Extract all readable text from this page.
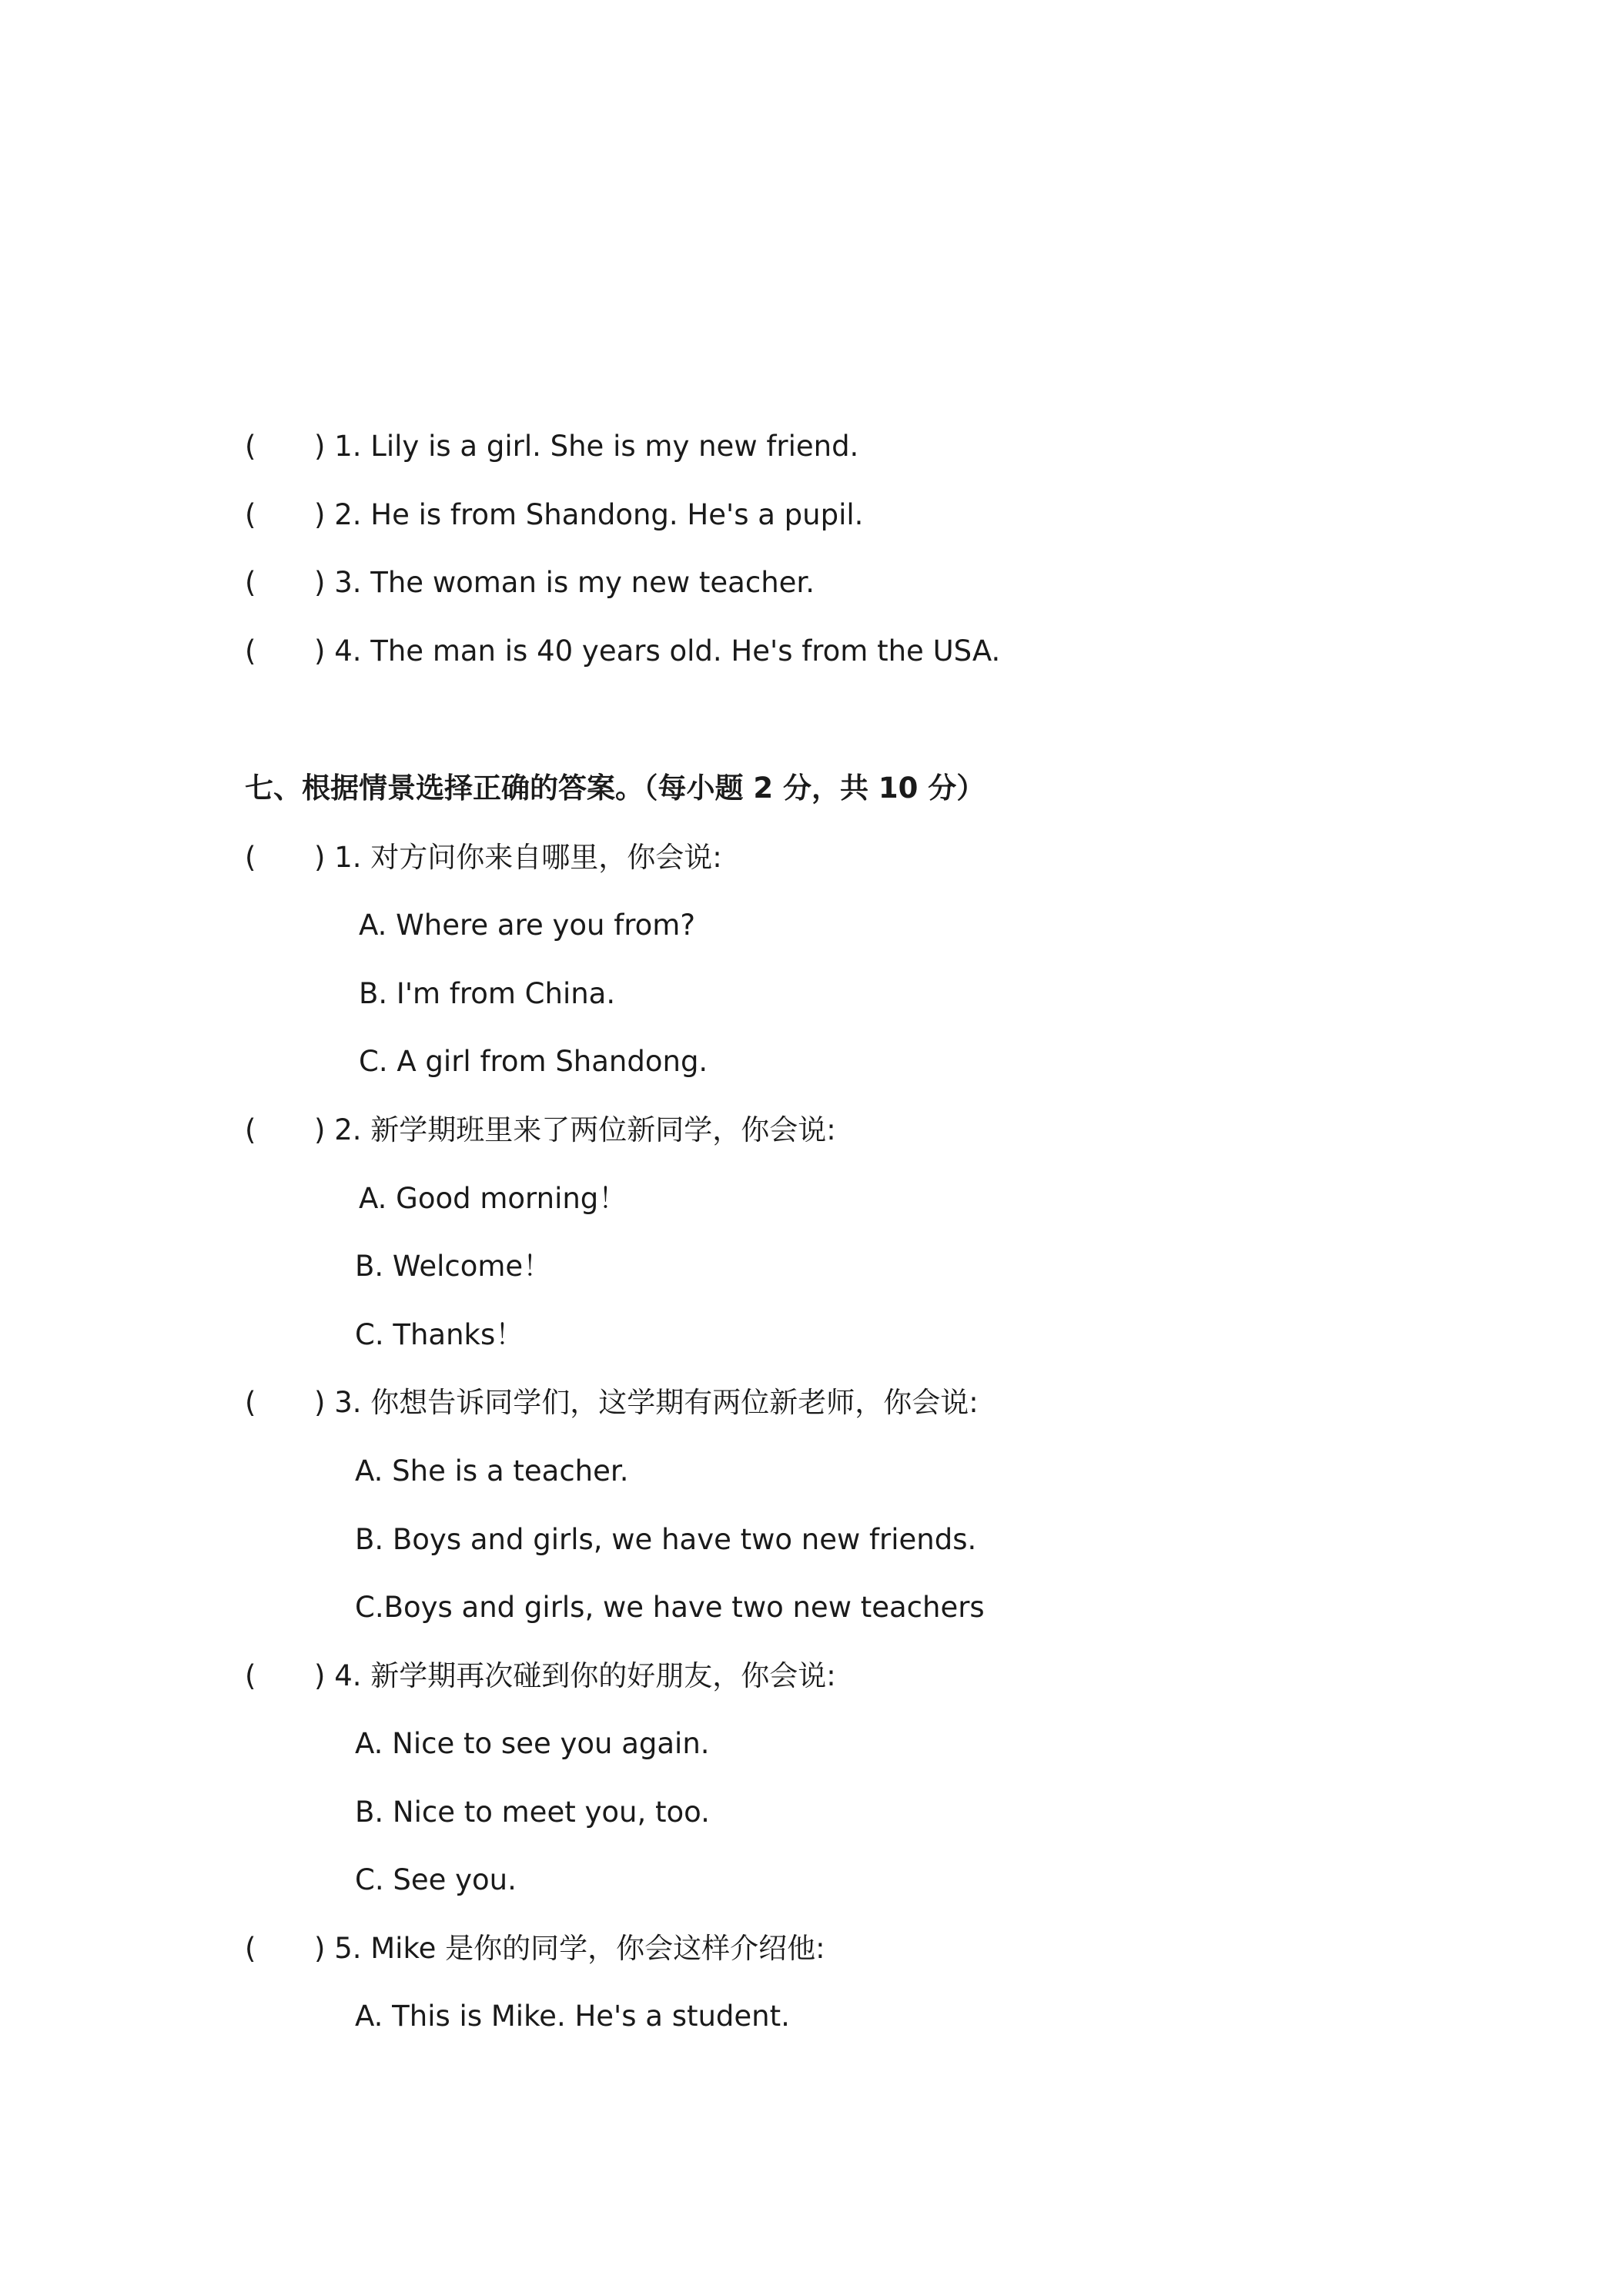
( ) 1. Lily is a girl. She is my new friend.
( ) 2. He is from Shandong. He's a pupil.
( ) 3. The woman is my new teacher.
( ) 4. The man is 40 years old. He's from the USA.
七、根据情景选择正确的答案。（每小题 2 分，共 10 分）
( ) 1. 对方问你来自哪里，你会说:
A. Where are you from?
B. I'm from China.
C. A girl from Shandong.
( ) 2. 新学期班里来了两位新同学，你会说:
A. Good morning！
B. Welcome！
C. Thanks！
( ) 3. 你想告诉同学们，这学期有两位新老师，你会说:
A. She is a teacher.
B. Boys and girls, we have two new friends.
C.Boys and girls, we have two new teachers
( ) 4. 新学期再次碰到你的好朋友，你会说:
A. Nice to see you again.
B. Nice to meet you, too.
C. See you.
( ) 5. Mike 是你的同学，你会这样介绍他:
A. This is Mike. He's a student.
